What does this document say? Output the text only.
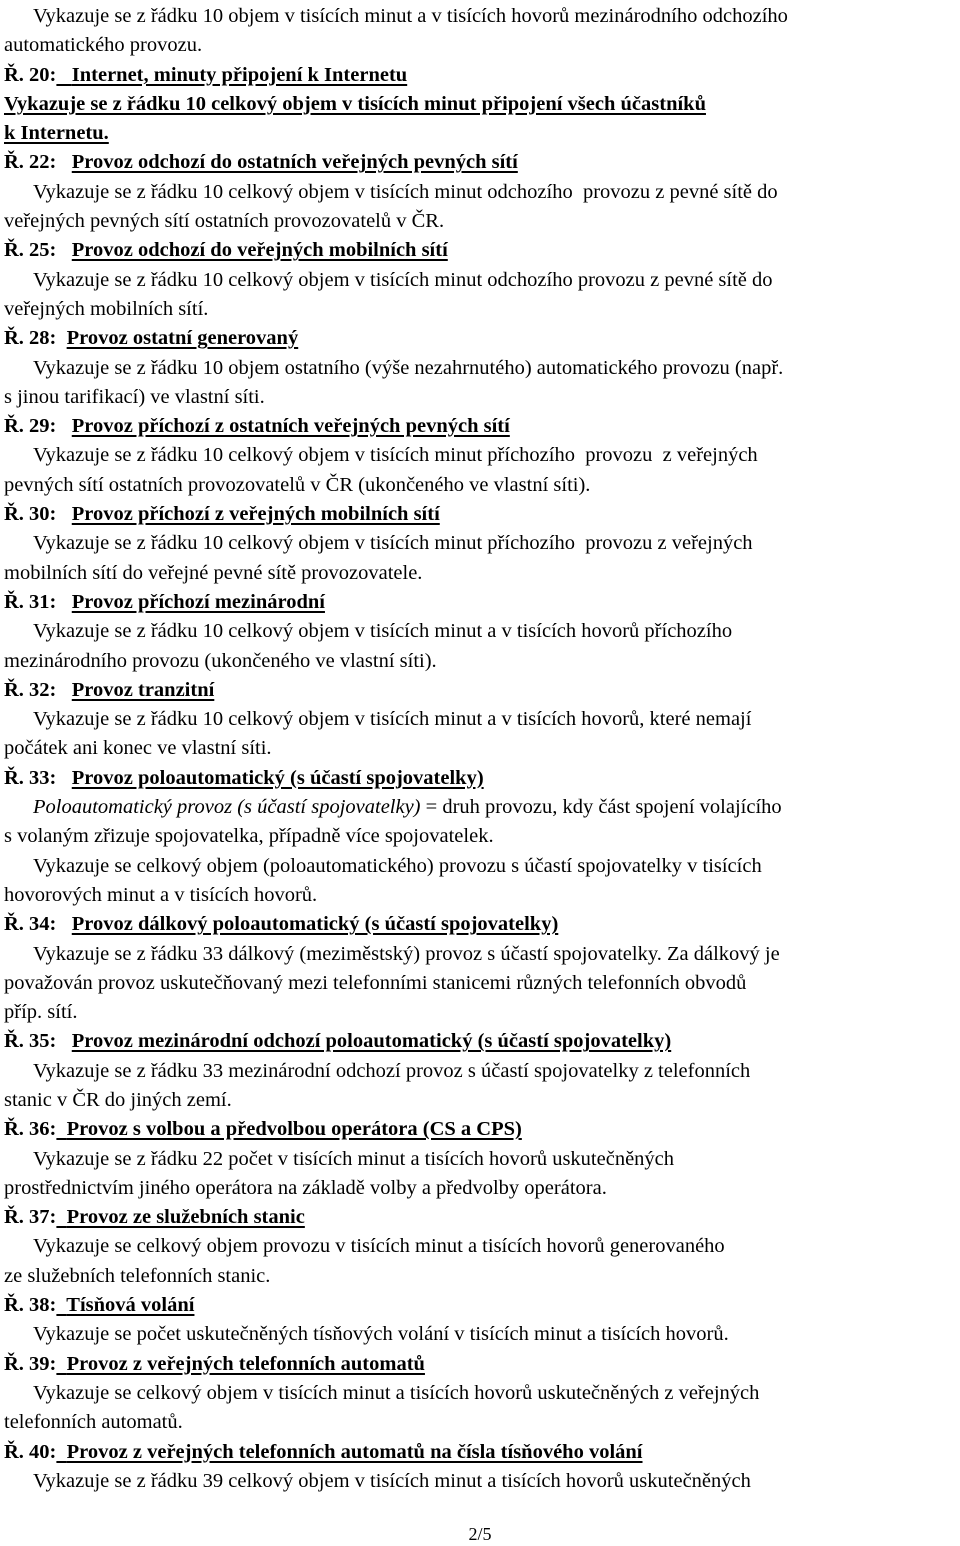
Vykazuje se z řádku 10 objem v tisících minut a v tisících hovorů mezinárodního odchozího
automatického provozu.
Ř. 20: Internet, minuty připojení k Internetu
Vykazuje se z řádku 10 celkový objem v tisících minut připojení všech účastníků
k Internetu.
Ř. 22: Provoz odchozí do ostatních veřejných pevných sítí
Vykazuje se z řádku 10 celkový objem v tisících minut odchozího  provozu z pevné sítě do
veřejných pevných sítí ostatních provozovatelů v ČR.
Ř. 25: Provoz odchozí do veřejných mobilních sítí
Vykazuje se z řádku 10 celkový objem v tisících minut odchozího provozu z pevné sítě do
veřejných mobilních sítí.
Ř. 28: Provoz ostatní generovaný
Vykazuje se z řádku 10 objem ostatního (výše nezahrnutého) automatického provozu (např.
s jinou tarifikací) ve vlastní síti.
Ř. 29: Provoz příchozí z ostatních veřejných pevných sítí
Vykazuje se z řádku 10 celkový objem v tisících minut příchozího  provozu  z veřejných
pevných sítí ostatních provozovatelů v ČR (ukončeného ve vlastní síti).
Ř. 30: Provoz příchozí z veřejných mobilních sítí
Vykazuje se z řádku 10 celkový objem v tisících minut příchozího  provozu z veřejných
mobilních sítí do veřejné pevné sítě provozovatele.
Ř. 31: Provoz příchozí mezinárodní
Vykazuje se z řádku 10 celkový objem v tisících minut a v tisících hovorů příchozího
mezinárodního provozu (ukončeného ve vlastní síti).
Ř. 32: Provoz tranzitní
Vykazuje se z řádku 10 celkový objem v tisících minut a v tisících hovorů, které nemají
počátek ani konec ve vlastní síti.
Ř. 33: Provoz poloautomatický (s účastí spojovatelky)
Poloautomatický provoz (s účastí spojovatelky) = druh provozu, kdy část spojení volajícího
s volaným zřizuje spojovatelka, případně více spojovatelek.
Vykazuje se celkový objem (poloautomatického) provozu s účastí spojovatelky v tisících
hovorových minut a v tisících hovorů.
Ř. 34: Provoz dálkový poloautomatický (s účastí spojovatelky)
Vykazuje se z řádku 33 dálkový (meziměstský) provoz s účastí spojovatelky. Za dálkový je
považován provoz uskutečňovaný mezi telefonními stanicemi různých telefonních obvodů
příp. sítí.
Ř. 35: Provoz mezinárodní odchozí poloautomatický (s účastí spojovatelky)
Vykazuje se z řádku 33 mezinárodní odchozí provoz s účastí spojovatelky z telefonních
stanic v ČR do jiných zemí.
Ř. 36: Provoz s volbou a předvolbou operátora (CS a CPS)
Vykazuje se z řádku 22 počet v tisících minut a tisících hovorů uskutečněných
prostřednictvím jiného operátora na základě volby a předvolby operátora.
Ř. 37: Provoz ze služebních stanic
Vykazuje se celkový objem provozu v tisících minut a tisících hovorů generovaného
ze služebních telefonních stanic.
Ř. 38: Tísňová volání
Vykazuje se počet uskutečněných tísňových volání v tisících minut a tisících hovorů.
Ř. 39: Provoz z veřejných telefonních automatů
Vykazuje se celkový objem v tisících minut a tisících hovorů uskutečněných z veřejných
telefonních automatů.
Ř. 40: Provoz z veřejných telefonních automatů na čísla tísňového volání
Vykazuje se z řádku 39 celkový objem v tisících minut a tisících hovorů uskutečněných
2/5
